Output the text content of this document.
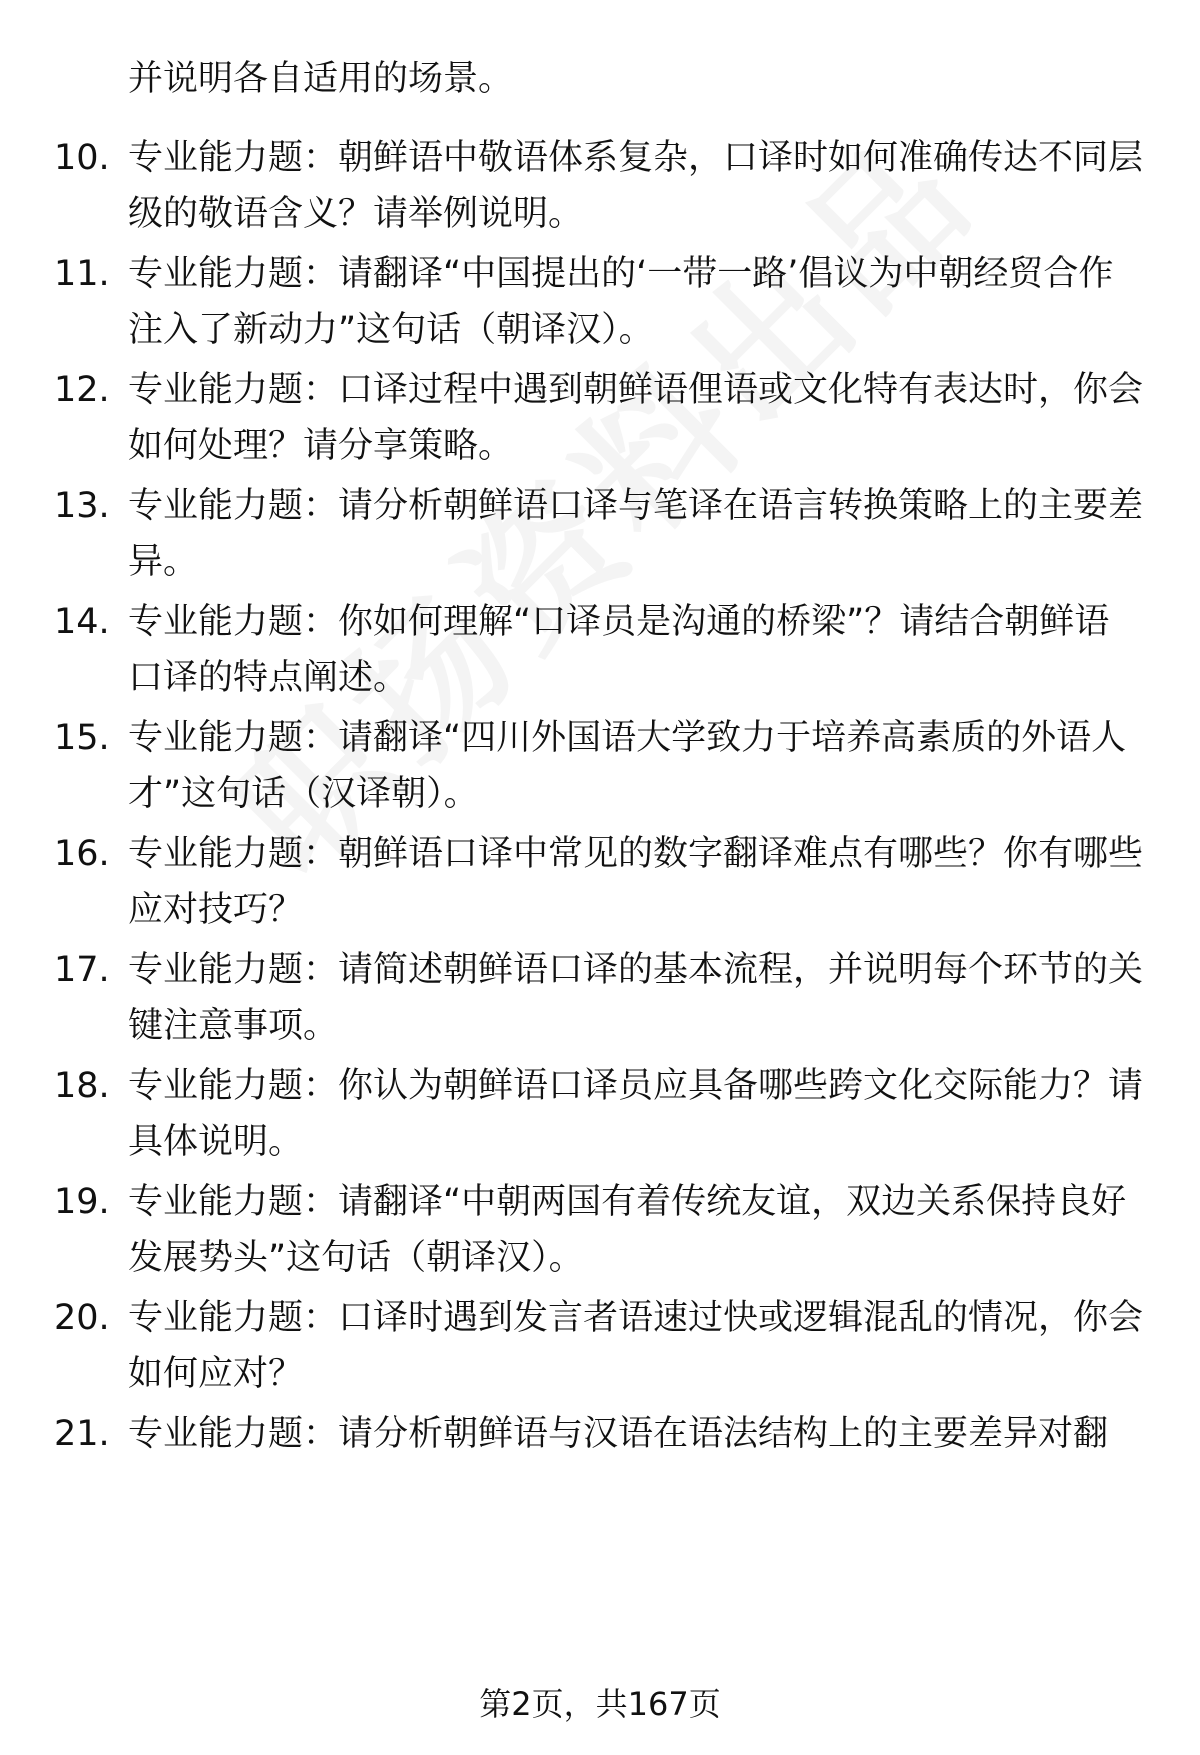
并说明各自适用的场景。
10. 专业能力题：朝鲜语中敬语体系复杂，口译时如何准确传达不同层级的敬语含义？请举例说明。
11. 专业能力题：请翻译“中国提出的‘一带一路’倡议为中朝经贸合作注入了新动力”这句话（朝译汉）。
12. 专业能力题：口译过程中遇到朝鲜语俚语或文化特有表达时，你会如何处理？请分享策略。
13. 专业能力题：请分析朝鲜语口译与笔译在语言转换策略上的主要差异。
14. 专业能力题：你如何理解“口译员是沟通的桥梁”？请结合朝鲜语口译的特点阐述。
15. 专业能力题：请翻译“四川外国语大学致力于培养高素质的外语人才”这句话（汉译朝）。
16. 专业能力题：朝鲜语口译中常见的数字翻译难点有哪些？你有哪些应对技巧？
17. 专业能力题：请简述朝鲜语口译的基本流程，并说明每个环节的关键注意事项。
18. 专业能力题：你认为朝鲜语口译员应具备哪些跨文化交际能力？请具体说明。
19. 专业能力题：请翻译“中朝两国有着传统友谊，双边关系保持良好发展势头”这句话（朝译汉）。
20. 专业能力题：口译时遇到发言者语速过快或逻辑混乱的情况，你会如何应对？
21. 专业能力题：请分析朝鲜语与汉语在语法结构上的主要差异对翻
第2页，共167页
